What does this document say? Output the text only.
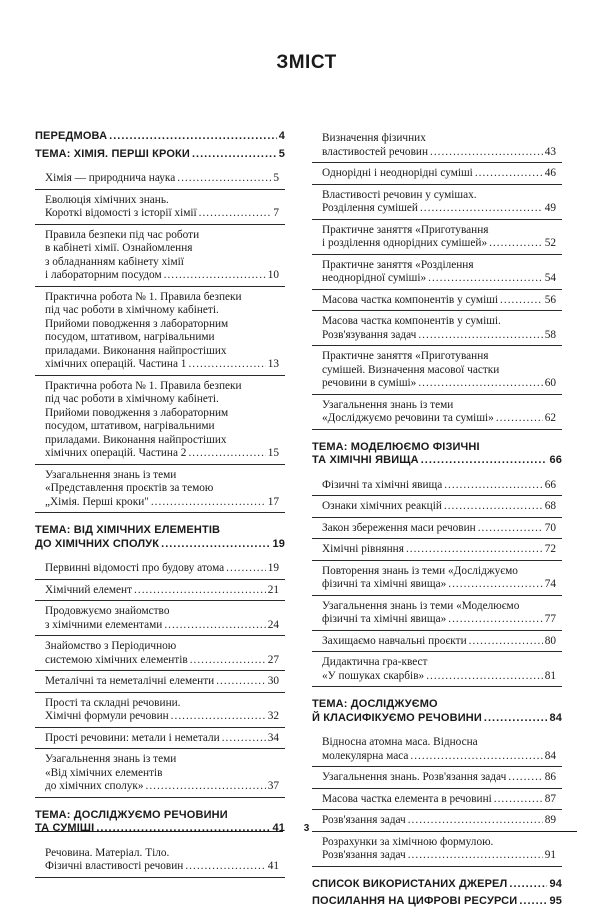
ЗМІСТ
ПЕРЕДМОВА .....	4
ТЕМА: ХІМІЯ. ПЕРШІ КРОКИ .....	5
Хімія — природнича наука .....	5
Еволюція хімічних знань.
Короткі відомості з історії хімії .....	7
Правила безпеки під час роботи
в кабінеті хімії. Ознайомлення
з обладнанням кабінету хімії
і лабораторним посудом .....	10
Практична робота № 1. Правила безпеки
під час роботи в хімічному кабінеті.
Прийоми поводження з лабораторним
посудом, штативом, нагрівальними
приладами. Виконання найпростіших
хімічних операцій. Частина 1 .....	13
Практична робота № 1. Правила безпеки
під час роботи в хімічному кабінеті.
Прийоми поводження з лабораторним
посудом, штативом, нагрівальними
приладами. Виконання найпростіших
хімічних операцій. Частина 2 .....	15
Узагальнення знань із теми
«Представлення проєктів за темою
„Хімія. Перші кроки" .....	17
ТЕМА: ВІД ХІМІЧНИХ ЕЛЕМЕНТІВ
ДО ХІМІЧНИХ СПОЛУК .....	19
Первинні відомості про будову атома .....	19
Хімічний елемент .....	21
Продовжуємо знайомство
з хімічними елементами .....	24
Знайомство з Періодичною
системою хімічних елементів .....	27
Металічні та неметалічні елементи .....	30
Прості та складні речовини.
Хімічні формули речовин .....	32
Прості речовини: метали і неметали .....	34
Узагальнення знань із теми
«Від хімічних елементів
до хімічних сполук» .....	37
ТЕМА: ДОСЛІДЖУЄМО РЕЧОВИНИ
ТА СУМІШІ .....	41
Речовина. Матеріал. Тіло.
Фізичні властивості речовин .....	41
Визначення фізичних
властивостей речовин .....	43
Однорідні і неоднорідні суміші .....	46
Властивості речовин у сумішах.
Розділення сумішей .....	49
Практичне заняття «Приготування
і розділення однорідних сумішей» .....	52
Практичне заняття «Розділення
неоднорідної суміші» .....	54
Масова частка компонентів у суміші .....	56
Масова частка компонентів у суміші.
Розв'язування задач .....	58
Практичне заняття «Приготування
сумішей. Визначення масової частки
речовини в суміші» .....	60
Узагальнення знань із теми
«Досліджуємо речовини та суміші» .....	62
ТЕМА: МОДЕЛЮЄМО ФІЗИЧНІ
ТА ХІМІЧНІ ЯВИЩА .....	66
Фізичні та хімічні явища .....	66
Ознаки хімічних реакцій .....	68
Закон збереження маси речовин .....	70
Хімічні рівняння .....	72
Повторення знань із теми «Досліджуємо
фізичні та хімічні явища» .....	74
Узагальнення знань із теми «Моделюємо
фізичні та хімічні явища» .....	77
Захищаємо навчальні проєкти .....	80
Дидактична гра-квест
«У пошуках скарбів» .....	81
ТЕМА: ДОСЛІДЖУЄМО
Й КЛАСИФІКУЄМО РЕЧОВИНИ .....	84
Відносна атомна маса. Відносна
молекулярна маса .....	84
Узагальнення знань. Розв'язання задач .....	86
Масова частка елемента в речовині .....	87
Розв'язання задач .....	89
Розрахунки за хімічною формулою.
Розв'язання задач .....	91
СПИСОК ВИКОРИСТАНИХ ДЖЕРЕЛ .....	94
ПОСИЛАННЯ НА ЦИФРОВІ РЕСУРСИ .....	95
3
